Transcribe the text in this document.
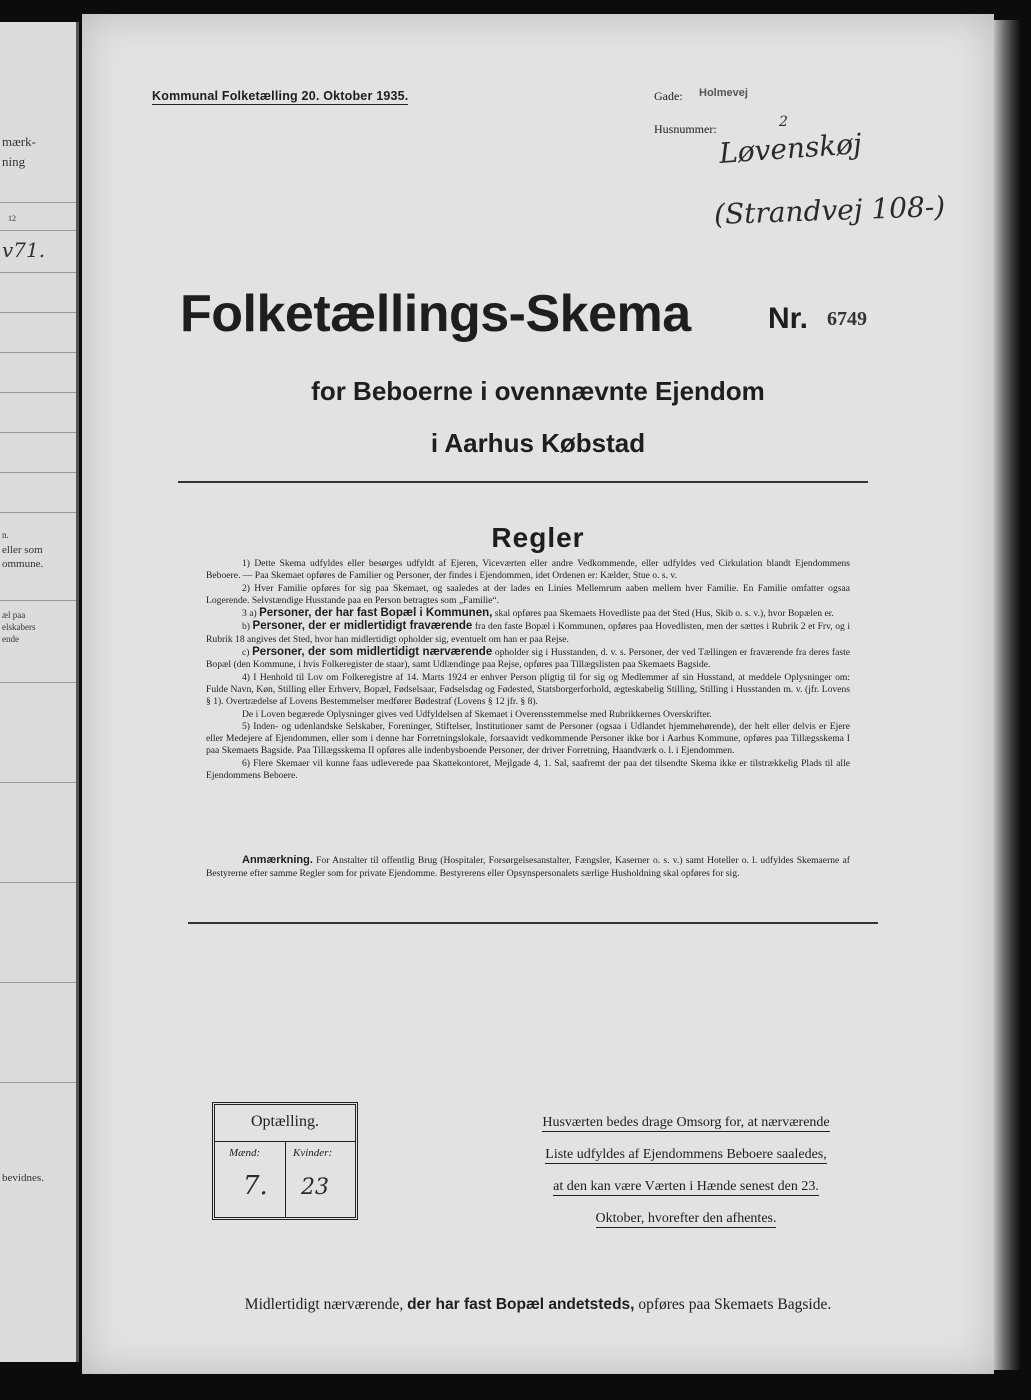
mærk-
ning
12
v71.
n.
eller som
ommune.
æl paa
elskabers
ende
bevidnes.
Kommunal Folketælling 20. Oktober 1935.	Gade: Holmevej
Husnummer:	2
Løvenskøj
(Strandvej 108-)
Folketællings-Skema	Nr. 6749
for Beboerne i ovennævnte Ejendom
i Aarhus Købstad
Regler

1) Dette Skema udfyldes eller besørges udfyldt af Ejeren, Viceværten eller andre Vedkommende, eller udfyldes ved Cirkulation blandt Ejendommens Beboere. — Paa Skemaet opføres de Familier og Personer, der findes i Ejendommen, idet Ordenen er: Kælder, Stue o. s. v.

2) Hver Familie opføres for sig paa Skemaet, og saaledes at der lades en Linies Mellemrum aaben mellem hver Familie. En Familie omfatter ogsaa Logerende. Selvstændige Husstande paa en Person betragtes som „Familie“.

3 a) Personer, der har fast Bopæl i Kommunen, skal opføres paa Skemaets Hovedliste paa det Sted (Hus, Skib o. s. v.), hvor Bopælen er.

b) Personer, der er midlertidigt fraværende fra den faste Bopæl i Kommunen, opføres paa Hovedlisten, men der sættes i Rubrik 2 et Frv, og i Rubrik 18 angives det Sted, hvor han midlertidigt opholder sig, eventuelt om han er paa Rejse.

c) Personer, der som midlertidigt nærværende opholder sig i Husstanden, d. v. s. Personer, der ved Tællingen er fraværende fra deres faste Bopæl (den Kommune, i hvis Folkeregister de staar), samt Udlændinge paa Rejse, opføres paa Tillægslisten paa Skemaets Bagside.

4) I Henhold til Lov om Folkeregistre af 14. Marts 1924 er enhver Person pligtig til for sig og Medlemmer af sin Husstand, at meddele Oplysninger om: Fulde Navn, Køn, Stilling eller Erhverv, Bopæl, Fødselsaar, Fødselsdag og Fødested, Statsborgerforhold, ægteskabelig Stilling, Stilling i Husstanden m. v. (jfr. Lovens § 1). Overtrædelse af Lovens Bestemmelser medfører Bødestraf (Lovens § 12 jfr. § 8).

De i Loven begærede Oplysninger gives ved Udfyldelsen af Skemaet i Overensstemmelse med Rubrikkernes Overskrifter.

5) Inden- og udenlandske Selskaber, Foreninger, Stiftelser, Institutioner samt de Personer (ogsaa i Udlandet hjemmehørende), der helt eller delvis er Ejere eller Medejere af Ejendommen, eller som i denne har Forretningslokale, forsaavidt vedkommende Personer ikke bor i Aarhus Kommune, opføres paa Tillægsskema I paa Skemaets Bagside. Paa Tillægsskema II opføres alle indenbysboende Personer, der driver Forretning, Haandværk o. l. i Ejendommen.

6) Flere Skemaer vil kunne faas udleverede paa Skattekontoret, Mejlgade 4, 1. Sal, saafremt der paa det tilsendte Skema ikke er tilstrækkelig Plads til alle Ejendommens Beboere.

Anmærkning. For Anstalter til offentlig Brug (Hospitaler, Forsørgelsesanstalter, Fængsler, Kaserner o. s. v.) samt Hoteller o. l. udfyldes Skemaerne af Bestyrerne efter samme Regler som for private Ejendomme. Bestyrerens eller Opsynspersonalets særlige Husholdning skal opføres for sig.

Optælling.
Mænd:	Kvinder:
7. 23
Husværten bedes drage Omsorg for, at nærværende
Liste udfyldes af Ejendommens Beboere saaledes,
at den kan være Værten i Hænde senest den 23.
Oktober, hvorefter den afhentes.
Midlertidigt nærværende, der har fast Bopæl andetsteds, opføres paa Skemaets Bagside.
